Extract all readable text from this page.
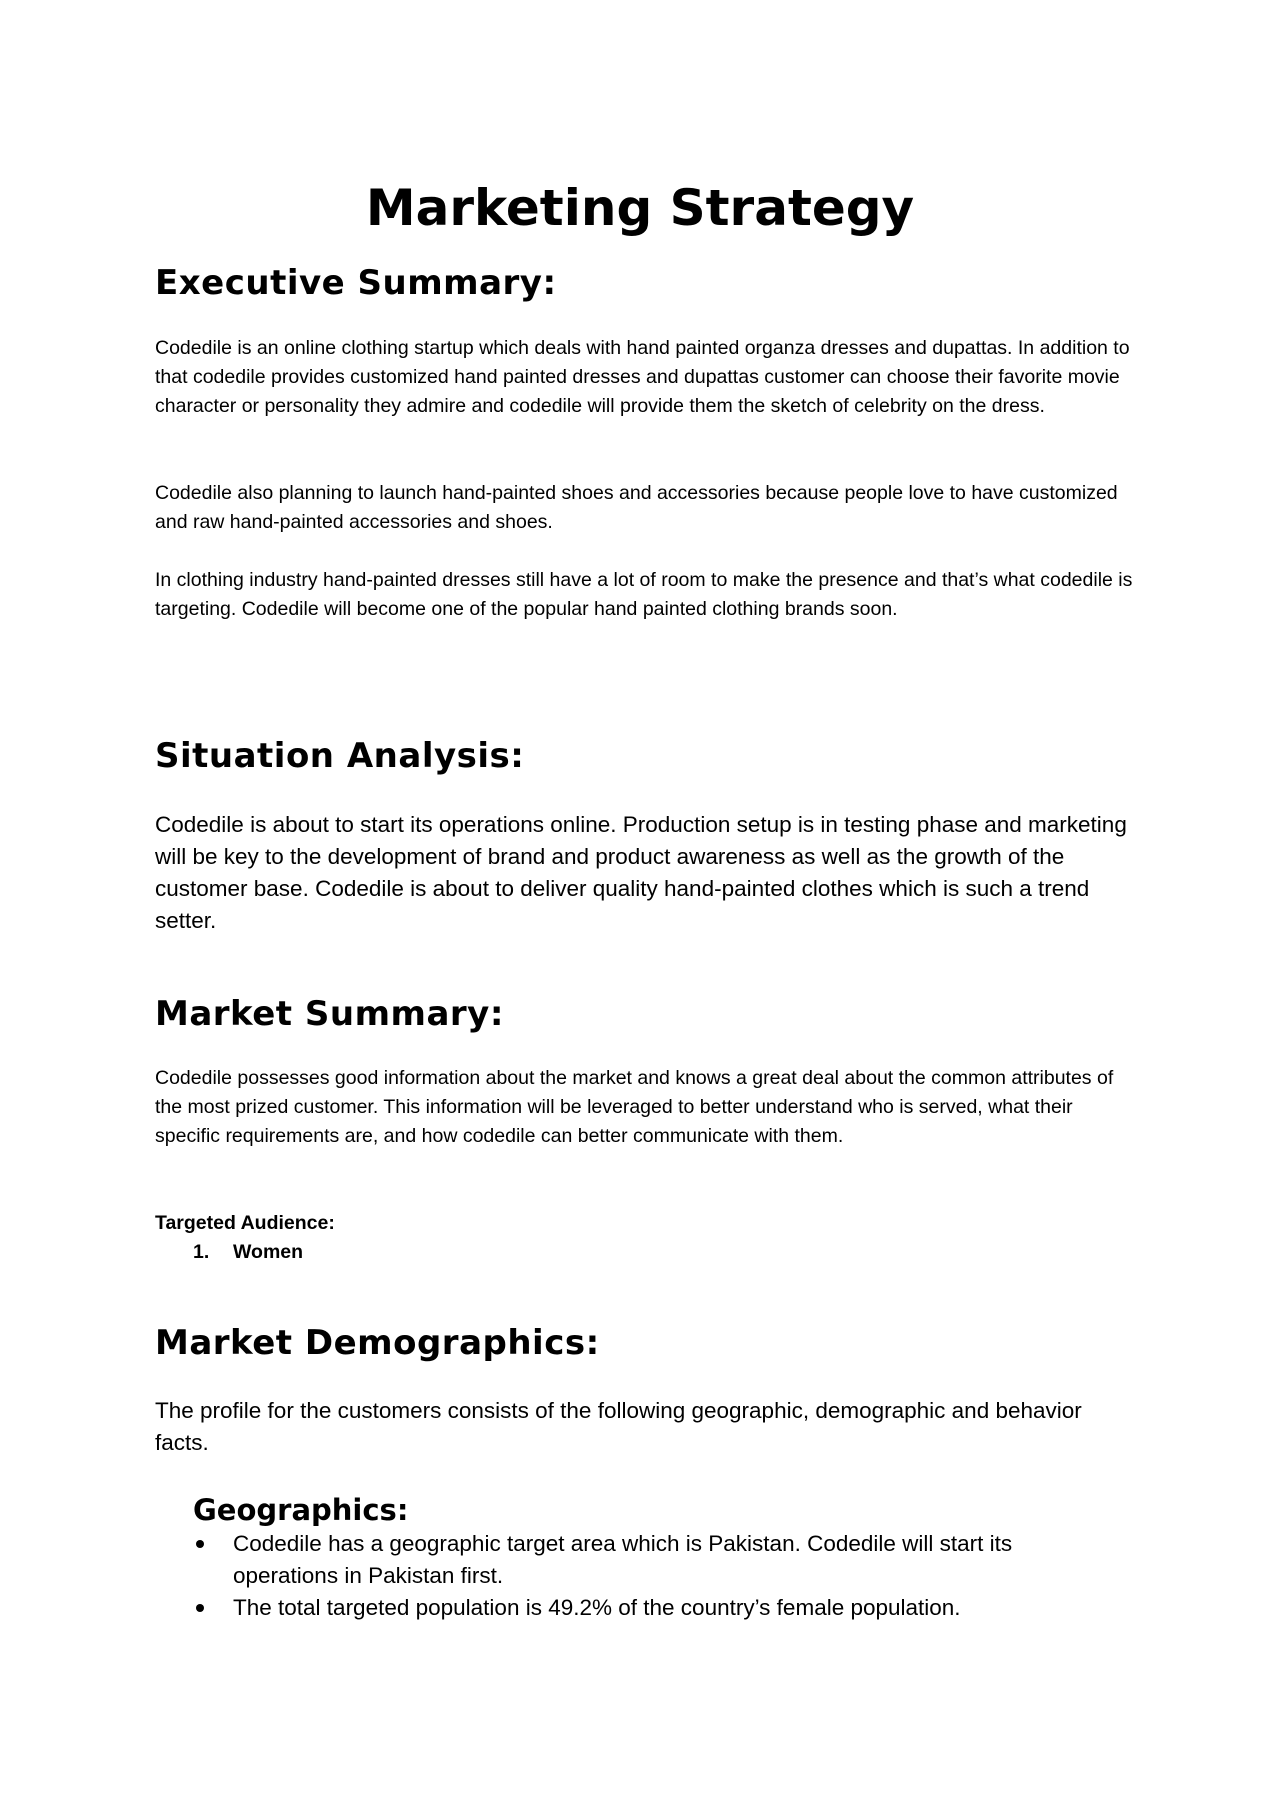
Marketing Strategy
Executive Summary:

Codedile is an online clothing startup which deals with hand painted organza dresses and dupattas. In addition to that codedile provides customized hand painted dresses and dupattas customer can choose their favorite movie character or personality they admire and codedile will provide them the sketch of celebrity on the dress.

Codedile also planning to launch hand-painted shoes and accessories because people love to have customized and raw hand-painted accessories and shoes.

In clothing industry hand-painted dresses still have a lot of room to make the presence and that’s what codedile is targeting. Codedile will become one of the popular hand painted clothing brands soon.

Situation Analysis:

Codedile is about to start its operations online. Production setup is in testing phase and marketing will be key to the development of brand and product awareness as well as the growth of the customer base. Codedile is about to deliver quality hand-painted clothes which is such a trend setter.

Market Summary:

Codedile possesses good information about the market and knows a great deal about the common attributes of the most prized customer. This information will be leveraged to better understand who is served, what their specific requirements are, and how codedile can better communicate with them.

Targeted Audience:

1. Women
Market Demographics:

The profile for the customers consists of the following geographic, demographic and behavior facts.

Geographics:
Codedile has a geographic target area which is Pakistan. Codedile will start its operations in Pakistan first.
The total targeted population is 49.2% of the country’s female population.
